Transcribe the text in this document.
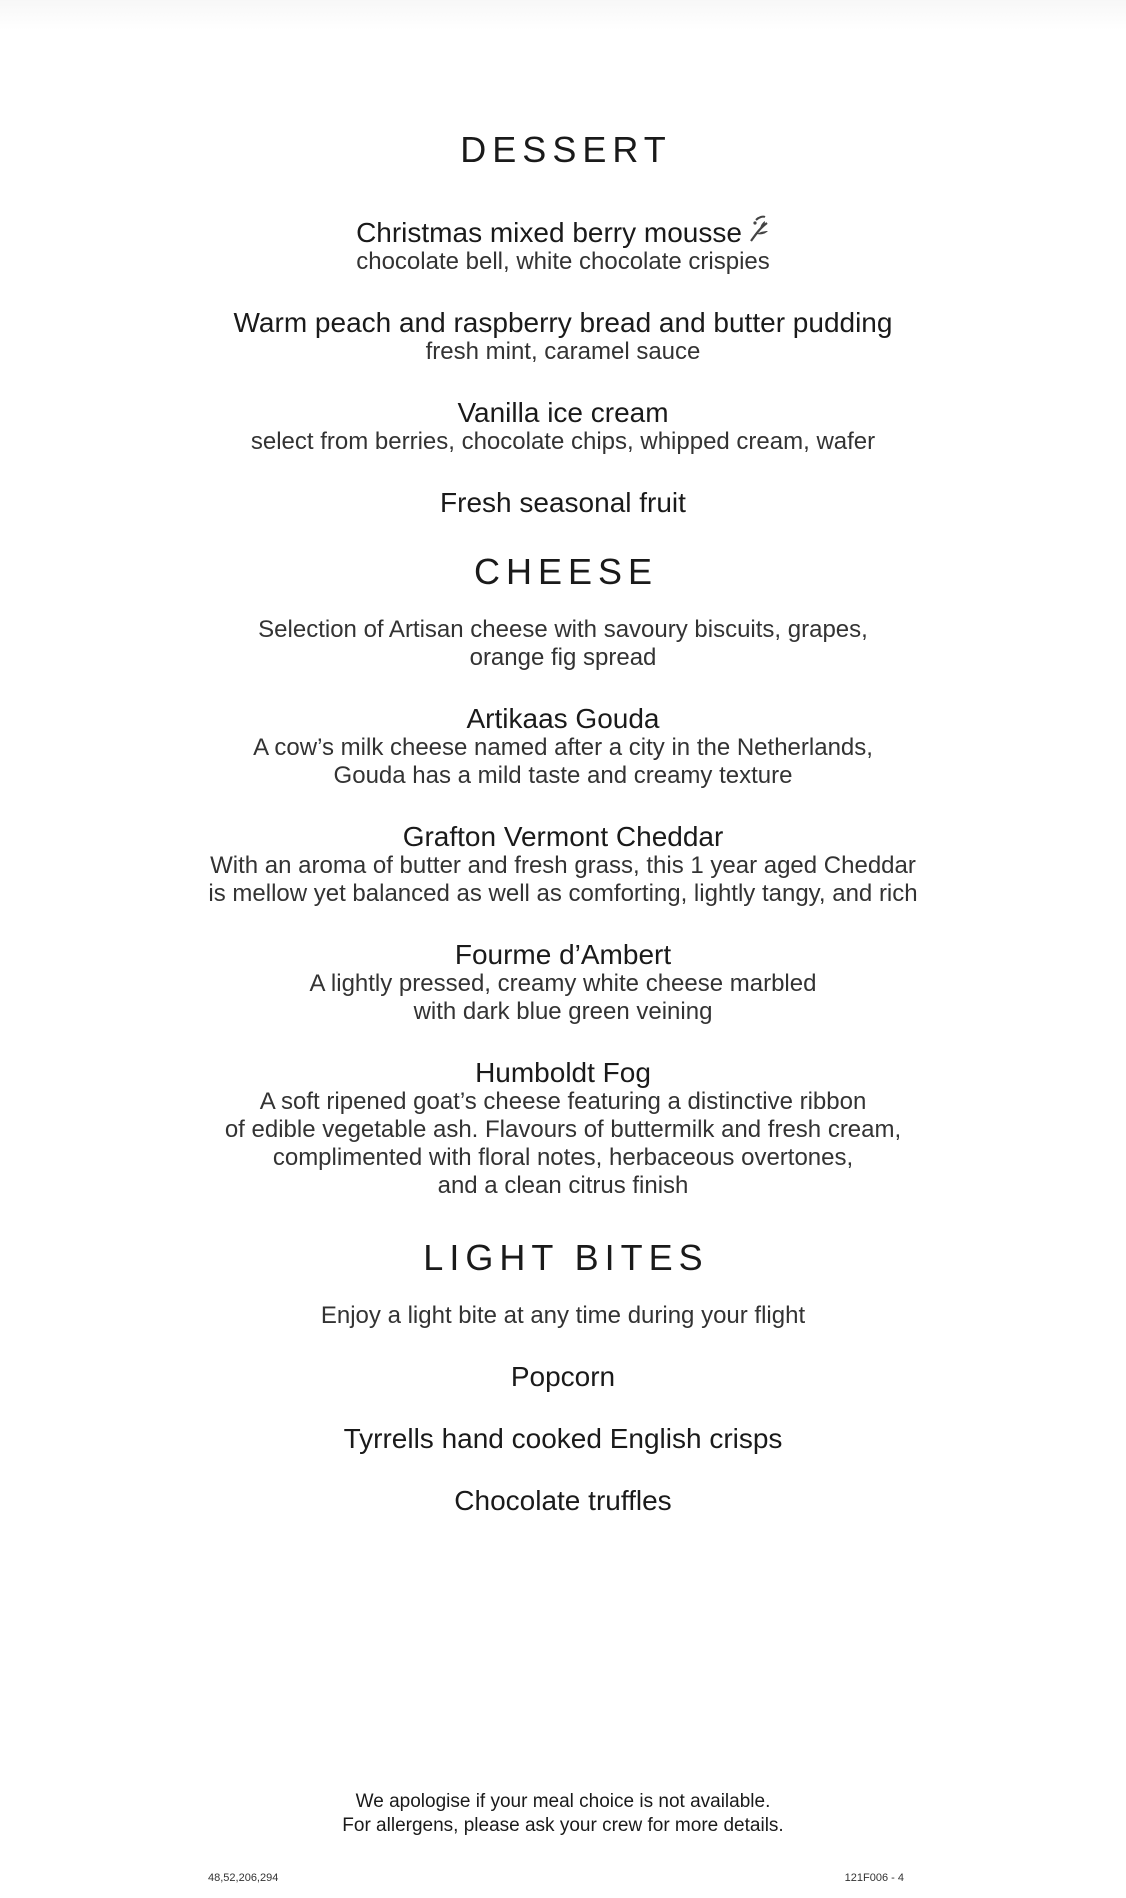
DESSERT

Christmas mixed berry mousse

chocolate bell, white chocolate crispies

Warm peach and raspberry bread and butter pudding

fresh mint, caramel sauce

Vanilla ice cream

select from berries, chocolate chips, whipped cream, wafer

Fresh seasonal fruit

CHEESE

Selection of Artisan cheese with savoury biscuits, grapes,
orange fig spread

Artikaas Gouda

A cow’s milk cheese named after a city in the Netherlands,
Gouda has a mild taste and creamy texture

Grafton Vermont Cheddar

With an aroma of butter and fresh grass, this 1 year aged Cheddar
is mellow yet balanced as well as comforting, lightly tangy, and rich

Fourme d’Ambert

A lightly pressed, creamy white cheese marbled
with dark blue green veining

Humboldt Fog

A soft ripened goat’s cheese featuring a distinctive ribbon
of edible vegetable ash. Flavours of buttermilk and fresh cream,
complimented with floral notes, herbaceous overtones,
and a clean citrus finish

LIGHT BITES

Enjoy a light bite at any time during your flight

Popcorn

Tyrrells hand cooked English crisps

Chocolate truffles

We apologise if your meal choice is not available.
For allergens, please ask your crew for more details.
48,52,206,294	121F006 - 4
